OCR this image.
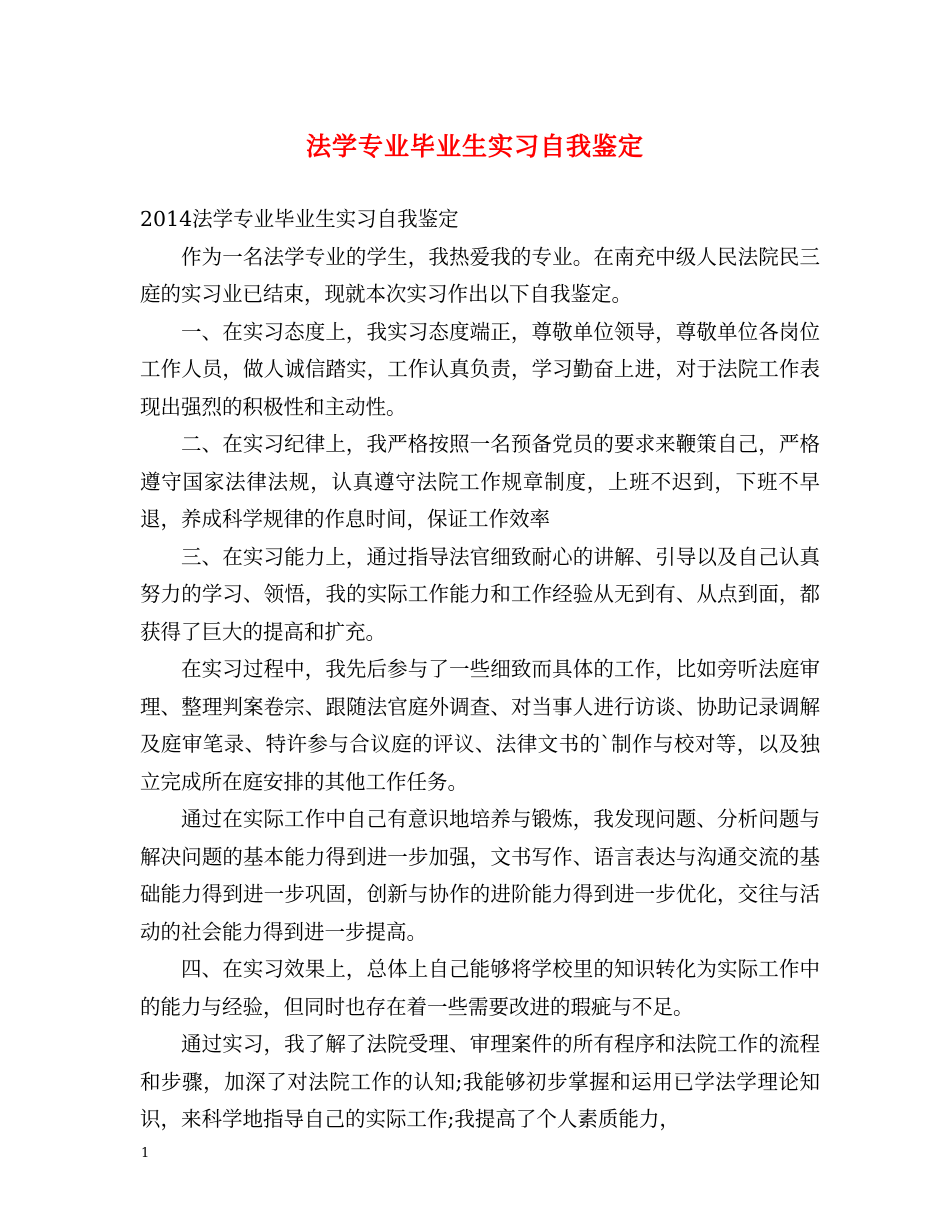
法学专业毕业生实习自我鉴定

2014法学专业毕业生实习自我鉴定

作为一名法学专业的学生，我热爱我的专业。在南充中级人民法院民三庭的实习业已结束，现就本次实习作出以下自我鉴定。

一、在实习态度上，我实习态度端正，尊敬单位领导，尊敬单位各岗位工作人员，做人诚信踏实，工作认真负责，学习勤奋上进，对于法院工作表现出强烈的积极性和主动性。

二、在实习纪律上，我严格按照一名预备党员的要求来鞭策自己，严格遵守国家法律法规，认真遵守法院工作规章制度，上班不迟到，下班不早退，养成科学规律的作息时间，保证工作效率

三、在实习能力上，通过指导法官细致耐心的讲解、引导以及自己认真努力的学习、领悟，我的实际工作能力和工作经验从无到有、从点到面，都获得了巨大的提高和扩充。

在实习过程中，我先后参与了一些细致而具体的工作，比如旁听法庭审理、整理判案卷宗、跟随法官庭外调查、对当事人进行访谈、协助记录调解及庭审笔录、特许参与合议庭的评议、法律文书的`制作与校对等，以及独立完成所在庭安排的其他工作任务。

通过在实际工作中自己有意识地培养与锻炼，我发现问题、分析问题与解决问题的基本能力得到进一步加强，文书写作、语言表达与沟通交流的基础能力得到进一步巩固，创新与协作的进阶能力得到进一步优化，交往与活动的社会能力得到进一步提高。

四、在实习效果上，总体上自己能够将学校里的知识转化为实际工作中的能力与经验，但同时也存在着一些需要改进的瑕疵与不足。

通过实习，我了解了法院受理、审理案件的所有程序和法院工作的流程和步骤，加深了对法院工作的认知;我能够初步掌握和运用已学法学理论知识，来科学地指导自己的实际工作;我提高了个人素质能力，

1
